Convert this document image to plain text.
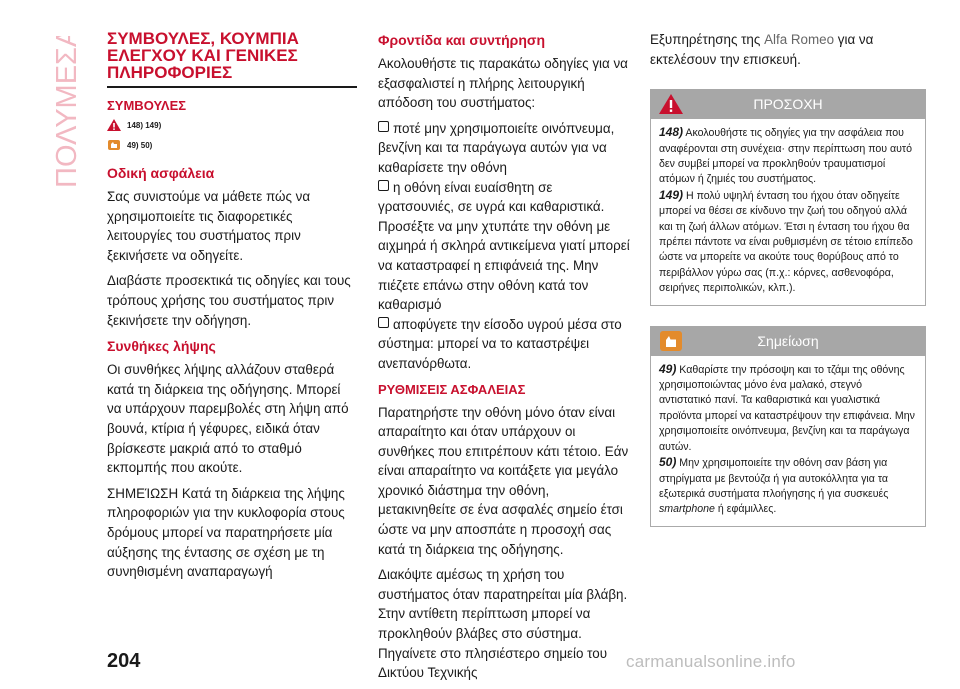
ΠΟΛΥΜΕΣΑ ΣΥΜΒΟΥΛΕΣ, ΚΟΥΜΠΙΑ
ΕΛΕΓΧΟΥ ΚΑΙ ΓΕΝΙΚΕΣ
ΠΛΗΡΟΦΟΡΙΕΣ
ΣΥΜΒΟΥΛΕΣ
148) 149)
49) 50)
Οδική ασφάλεια

Σας συνιστούμε να μάθετε πώς να χρησιμοποιείτε τις διαφορετικές λειτουργίες του συστήματος πριν ξεκινήσετε να οδηγείτε.

Διαβάστε προσεκτικά τις οδηγίες και τους τρόπους χρήσης του συστήματος πριν ξεκινήσετε την οδήγηση.

Συνθήκες λήψης

Οι συνθήκες λήψης αλλάζουν σταθερά κατά τη διάρκεια της οδήγησης. Μπορεί να υπάρχουν παρεμβολές στη λήψη από βουνά, κτίρια ή γέφυρες, ειδικά όταν βρίσκεστε μακριά από το σταθμό εκπομπής που ακούτε.

ΣΗΜΕΊΩΣΗ Κατά τη διάρκεια της λήψης πληροφοριών για την κυκλοφορία στους δρόμους μπορεί να παρατηρήσετε μία αύξησης της έντασης σε σχέση με τη συνηθισμένη αναπαραγωγή

Φροντίδα και συντήρηση

Ακολουθήστε τις παρακάτω οδηγίες για να εξασφαλιστεί η πλήρης λειτουργική απόδοση του συστήματος:

ποτέ μην χρησιμοποιείτε οινόπνευμα, βενζίνη και τα παράγωγα αυτών για να καθαρίσετε την οθόνη

η οθόνη είναι ευαίσθητη σε γρατσουνιές, σε υγρά και καθαριστικά. Προσέξτε να μην χτυπάτε την οθόνη με αιχμηρά ή σκληρά αντικείμενα γιατί μπορεί να καταστραφεί η επιφάνειά της. Μην πιέζετε επάνω στην οθόνη κατά τον καθαρισμό

αποφύγετε την είσοδο υγρού μέσα στο σύστημα: μπορεί να το καταστρέψει ανεπανόρθωτα.

ΡΥΘΜΙΣΕΙΣ ΑΣΦΑΛΕΙΑΣ

Παρατηρήστε την οθόνη μόνο όταν είναι απαραίτητο και όταν υπάρχουν οι συνθήκες που επιτρέπουν κάτι τέτοιο. Εάν είναι απαραίτητο να κοιτάξετε για μεγάλο χρονικό διάστημα την οθόνη, μετακινηθείτε σε ένα ασφαλές σημείο έτσι ώστε να μην αποσπάτε η προσοχή σας κατά τη διάρκεια της οδήγησης.

Διακόψτε αμέσως τη χρήση του συστήματος όταν παρατηρείται μία βλάβη. Στην αντίθετη περίπτωση μπορεί να προκληθούν βλάβες στο σύστημα. Πηγαίνετε στο πλησιέστερο σημείο του Δικτύου Τεχνικής

Εξυπηρέτησης της Alfa Romeo για να εκτελέσουν την επισκευή.

ΠΡΟΣΟΧΗ
148) Ακολουθήστε τις οδηγίες για την ασφάλεια που αναφέρονται στη συνέχεια· στην περίπτωση που αυτό δεν συμβεί μπορεί να προκληθούν τραυματισμοί ατόμων ή ζημιές του συστήματος.
149) Η πολύ υψηλή ένταση του ήχου όταν οδηγείτε μπορεί να θέσει σε κίνδυνο την ζωή του οδηγού αλλά και τη ζωή άλλων ατόμων. Έτσι η ένταση του ήχου θα πρέπει πάντοτε να είναι ρυθμισμένη σε τέτοιο επίπεδο ώστε να μπορείτε να ακούτε τους θορύβους από το περιβάλλον γύρω σας (π.χ.: κόρνες, ασθενοφόρα, σειρήνες περιπολικών, κλπ.).
Σημείωση
49) Καθαρίστε την πρόσοψη και το τζάμι της οθόνης χρησιμοποιώντας μόνο ένα μαλακό, στεγνό αντιστατικό πανί. Τα καθαριστικά και γυαλιστικά προϊόντα μπορεί να καταστρέψουν την επιφάνεια. Μην χρησιμοποιείτε οινόπνευμα, βενζίνη και τα παράγωγα αυτών.
50) Μην χρησιμοποιείτε την οθόνη σαν βάση για στηρίγματα με βεντούζα ή για αυτοκόλλητα για τα εξωτερικά συστήματα πλοήγησης ή για συσκευές smartphone ή εφάμιλλες.
204	carmanualsonline.info
